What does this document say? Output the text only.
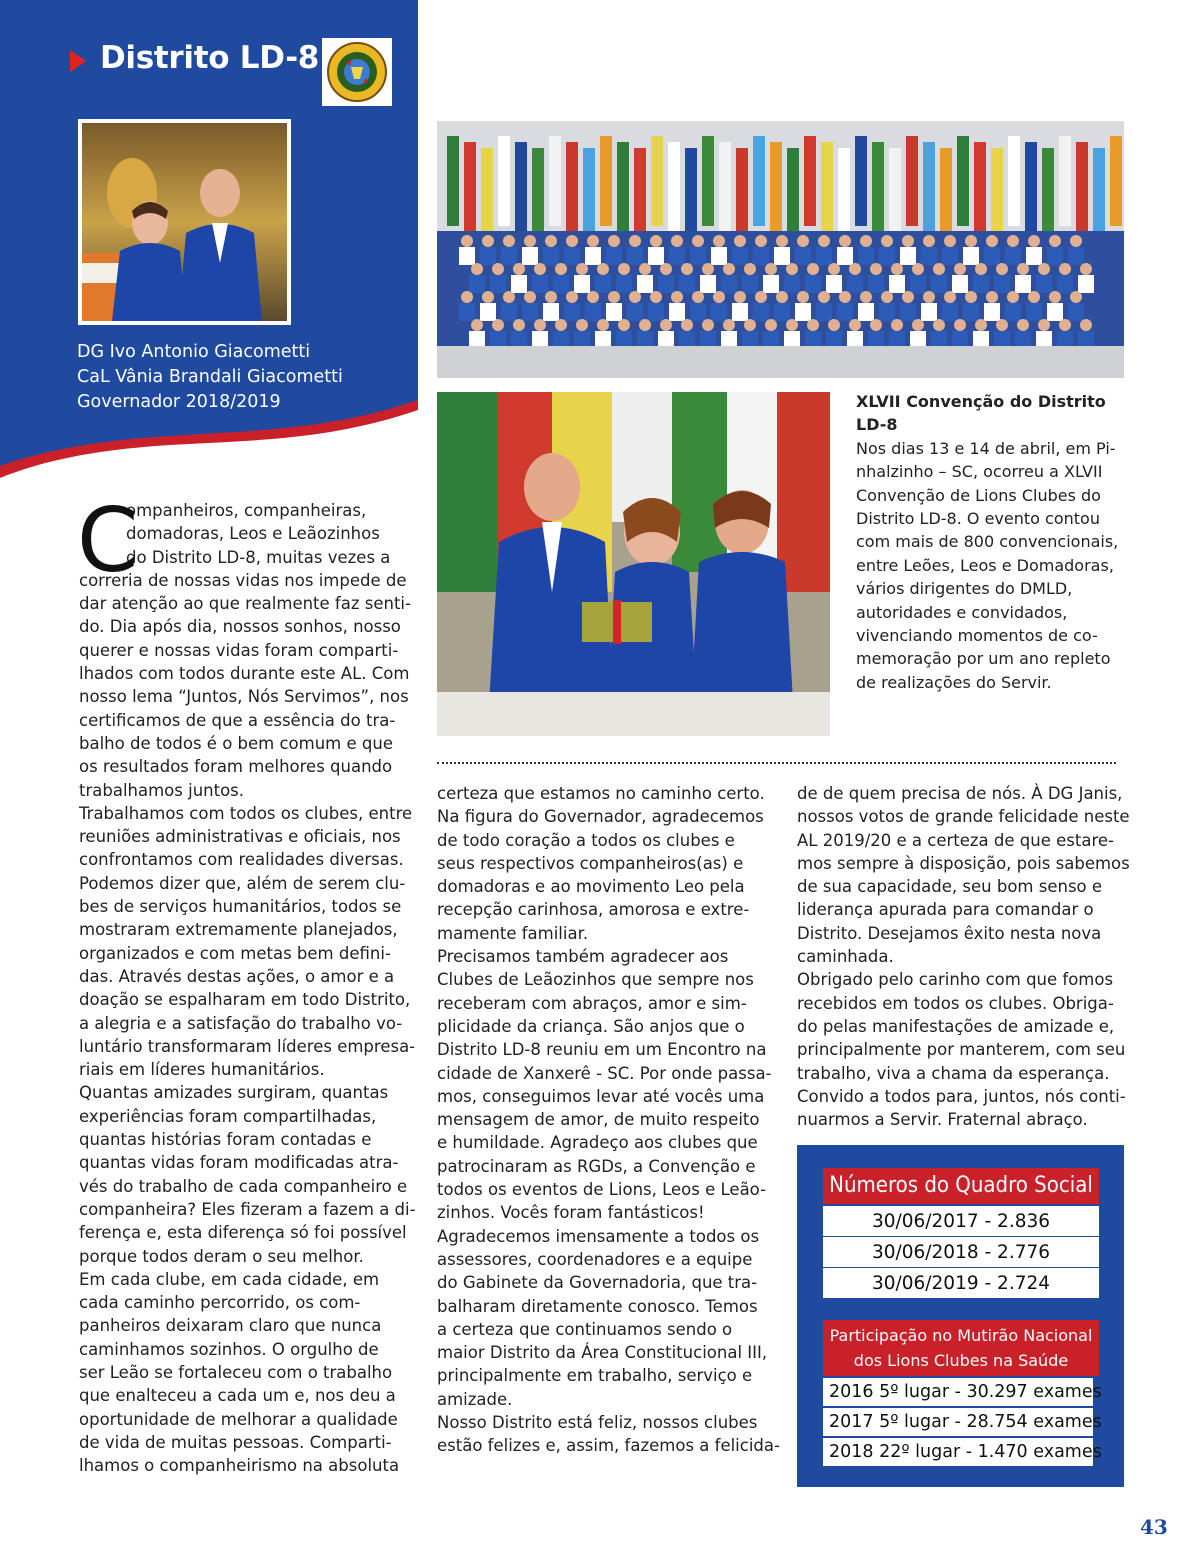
Distrito LD-8
DG Ivo Antonio Giacometti
CaL Vânia Brandali Giacometti
Governador 2018/2019	XLVII Convenção do Distrito
LD-8
Nos dias 13 e 14 de abril, em Pi-
nhalzinho – SC, ocorreu a XLVII
Convenção de Lions Clubes do
Distrito LD-8. O evento contou
com mais de 800 convencionais,
entre Leões, Leos e Domadoras,
vários dirigentes do DMLD,
autoridades e convidados,
vivenciando momentos de co-
memoração por um ano repleto
de realizações do Servir.
C

ompanheiros, companheiras,

domadoras, Leos e Leãozinhos

do Distrito LD-8, muitas vezes a

correria de nossas vidas nos impede de

dar atenção ao que realmente faz senti-

do. Dia após dia, nossos sonhos, nosso

querer e nossas vidas foram comparti-

lhados com todos durante este AL. Com

nosso lema “Juntos, Nós Servimos”, nos

certificamos de que a essência do tra-

balho de todos é o bem comum e que

os resultados foram melhores quando

trabalhamos juntos.

Trabalhamos com todos os clubes, entre

reuniões administrativas e oficiais, nos

confrontamos com realidades diversas.

Podemos dizer que, além de serem clu-

bes de serviços humanitários, todos se

mostraram extremamente planejados,

organizados e com metas bem defini-

das. Através destas ações, o amor e a

doação se espalharam em todo Distrito,

a alegria e a satisfação do trabalho vo-

luntário transformaram líderes empresa-

riais em líderes humanitários.

Quantas amizades surgiram, quantas

experiências foram compartilhadas,

quantas histórias foram contadas e

quantas vidas foram modificadas atra-

vés do trabalho de cada companheiro e

companheira? Eles fizeram a fazem a di-

ferença e, esta diferença só foi possível

porque todos deram o seu melhor.

Em cada clube, em cada cidade, em

cada caminho percorrido, os com-

panheiros deixaram claro que nunca

caminhamos sozinhos. O orgulho de

ser Leão se fortaleceu com o trabalho

que enalteceu a cada um e, nos deu a

oportunidade de melhorar a qualidade

de vida de muitas pessoas. Comparti-

lhamos o companheirismo na absoluta

certeza que estamos no caminho certo.

Na figura do Governador, agradecemos

de todo coração a todos os clubes e

seus respectivos companheiros(as) e

domadoras e ao movimento Leo pela

recepção carinhosa, amorosa e extre-

mamente familiar.

Precisamos também agradecer aos

Clubes de Leãozinhos que sempre nos

receberam com abraços, amor e sim-

plicidade da criança. São anjos que o

Distrito LD-8 reuniu em um Encontro na

cidade de Xanxerê - SC. Por onde passa-

mos, conseguimos levar até vocês uma

mensagem de amor, de muito respeito

e humildade. Agradeço aos clubes que

patrocinaram as RGDs, a Convenção e

todos os eventos de Lions, Leos e Leão-

zinhos. Vocês foram fantásticos!

Agradecemos imensamente a todos os

assessores, coordenadores e a equipe

do Gabinete da Governadoria, que tra-

balharam diretamente conosco. Temos

a certeza que continuamos sendo o

maior Distrito da Área Constitucional III,

principalmente em trabalho, serviço e

amizade.

Nosso Distrito está feliz, nossos clubes

estão felizes e, assim, fazemos a felicida-

de de quem precisa de nós. À DG Janis,

nossos votos de grande felicidade neste

AL 2019/20 e a certeza de que estare-

mos sempre à disposição, pois sabemos

de sua capacidade, seu bom senso e

liderança apurada para comandar o

Distrito. Desejamos êxito nesta nova

caminhada.

Obrigado pelo carinho com que fomos

recebidos em todos os clubes. Obriga-

do pelas manifestações de amizade e,

principalmente por manterem, com seu

trabalho, viva a chama da esperança.

Convido a todos para, juntos, nós conti-

nuarmos a Servir. Fraternal abraço.

Números do Quadro Social
30/06/2017 - 2.836
30/06/2018 - 2.776
30/06/2019 - 2.724
Participação no Mutirão Nacional
dos Lions Clubes na Saúde
2016 5º lugar - 30.297 exames
2017 5º lugar - 28.754 exames
2018 22º lugar - 1.470 exames
43
